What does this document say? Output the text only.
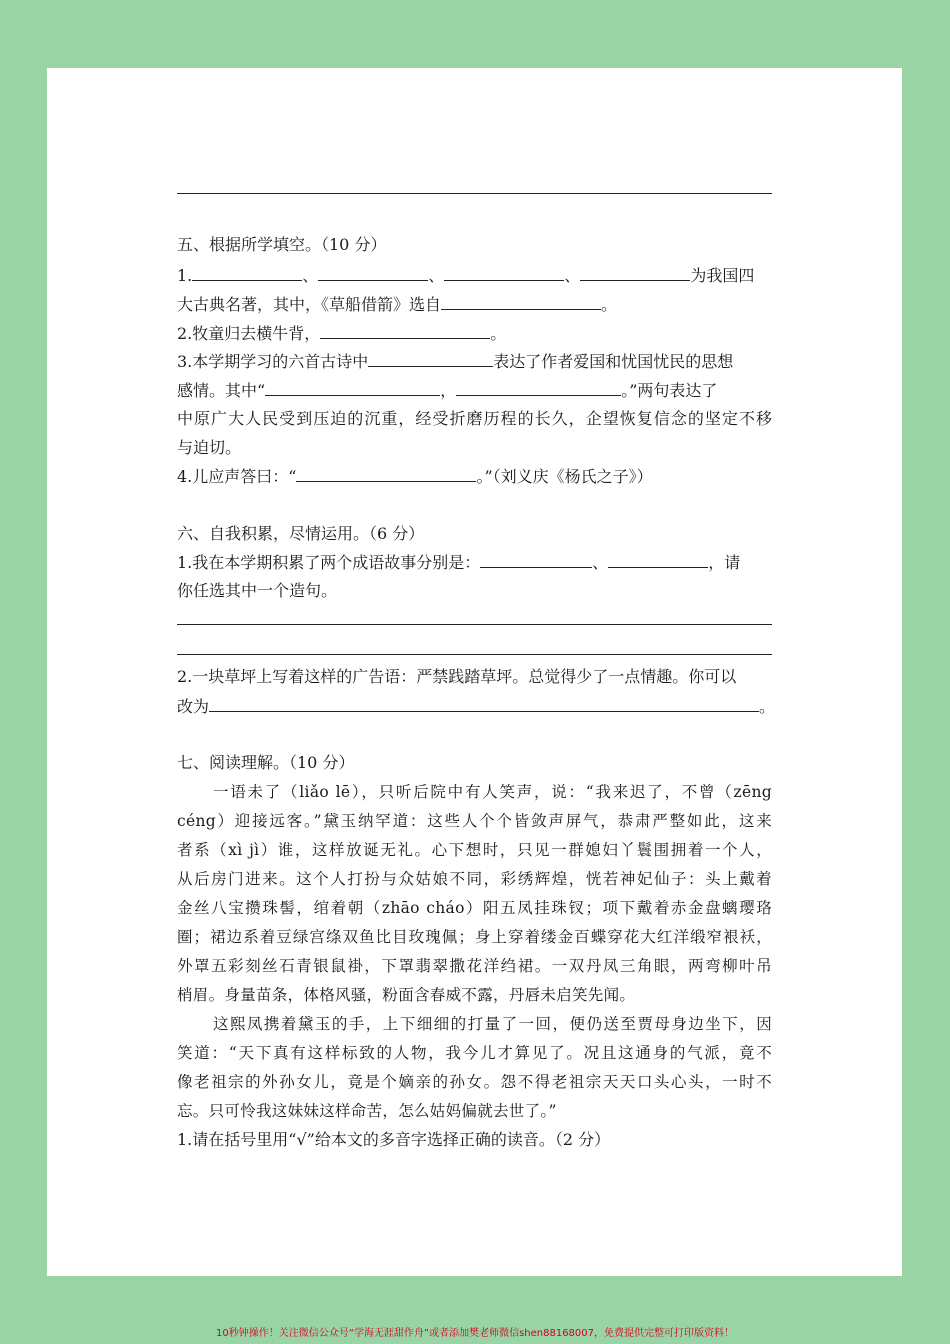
五、根据所学填空。（10 分）
1.	、	、	、	为我国四
大古典名著，其中，《草船借箭》选自	。
2.牧童归去横牛背，	。
3.本学期学习的六首古诗中	表达了作者爱国和忧国忧民的思想
感情。其中“	，	。”两句表达了
中原广大人民受到压迫的沉重，经受折磨历程的长久，企望恢复信念的坚定不移
与迫切。
4.儿应声答曰：“	。”（刘义庆《杨氏之子》）
六、自我积累，尽情运用。（6 分）
1.我在本学期积累了两个成语故事分别是：	、	，请
你任选其中一个造句。
2.一块草坪上写着这样的广告语：严禁践踏草坪。总觉得少了一点情趣。你可以
改为	。
七、阅读理解。（10 分）
一语未了（liǎo lē），只听后院中有人笑声，说：“我来迟了，不曾（zēng
céng）迎接远客。”黛玉纳罕道：这些人个个皆敛声屏气，恭肃严整如此，这来
者系（xì jì）谁，这样放诞无礼。心下想时，只见一群媳妇丫鬟围拥着一个人，
从后房门进来。这个人打扮与众姑娘不同，彩绣辉煌，恍若神妃仙子：头上戴着
金丝八宝攒珠髻，绾着朝（zhāo cháo）阳五凤挂珠钗；项下戴着赤金盘螭璎珞
圈；裙边系着豆绿宫绦双鱼比目玫瑰佩；身上穿着缕金百蝶穿花大红洋缎窄裉袄，
外罩五彩刻丝石青银鼠褂，下罩翡翠撒花洋绉裙。一双丹凤三角眼，两弯柳叶吊
梢眉。身量苗条，体格风骚，粉面含春威不露，丹唇未启笑先闻。
这熙凤携着黛玉的手，上下细细的打量了一回，便仍送至贾母身边坐下，因
笑道：“天下真有这样标致的人物，我今儿才算见了。况且这通身的气派，竟不
像老祖宗的外孙女儿，竟是个嫡亲的孙女。怨不得老祖宗天天口头心头，一时不
忘。只可怜我这妹妹这样命苦，怎么姑妈偏就去世了。”
1.请在括号里用“√”给本文的多音字选择正确的读音。（2 分）
10秒钟操作！关注微信公众号“学海无涯甜作舟”或者添加樊老师微信shen88168007，免费提供完整可打印版资料！
